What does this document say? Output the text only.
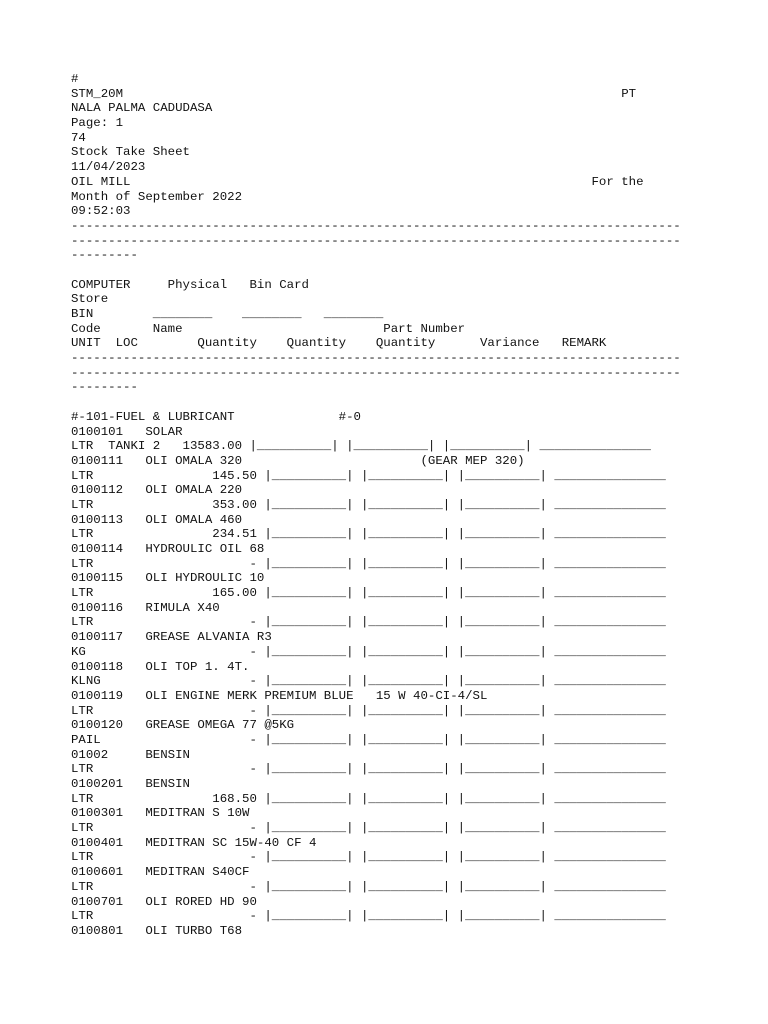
#
STM_20M                                                                   PT
NALA PALMA CADUDASA
Page: 1
74
Stock Take Sheet
11/04/2023
OIL MILL                                                              For the
Month of September 2022
09:52:03
----------------------------------------------------------------------------------
----------------------------------------------------------------------------------
---------
COMPUTER     Physical   Bin Card
Store
BIN        ________    ________   ________
Code       Name                           Part Number
UNIT  LOC        Quantity    Quantity    Quantity      Variance   REMARK
----------------------------------------------------------------------------------
----------------------------------------------------------------------------------
---------
#-101-FUEL & LUBRICANT              #-0
0100101   SOLAR
LTR  TANKI 2   13583.00 |__________| |__________| |__________| _______________
0100111   OLI OMALA 320                        (GEAR MEP 320)
LTR                145.50 |__________| |__________| |__________| _______________
0100112   OLI OMALA 220
LTR                353.00 |__________| |__________| |__________| _______________
0100113   OLI OMALA 460
LTR                234.51 |__________| |__________| |__________| _______________
0100114   HYDROULIC OIL 68
LTR                     - |__________| |__________| |__________| _______________
0100115   OLI HYDROULIC 10
LTR                165.00 |__________| |__________| |__________| _______________
0100116   RIMULA X40
LTR                     - |__________| |__________| |__________| _______________
0100117   GREASE ALVANIA R3
KG                      - |__________| |__________| |__________| _______________
0100118   OLI TOP 1. 4T.
KLNG                    - |__________| |__________| |__________| _______________
0100119   OLI ENGINE MERK PREMIUM BLUE   15 W 40-CI-4/SL
LTR                     - |__________| |__________| |__________| _______________
0100120   GREASE OMEGA 77 @5KG
PAIL                    - |__________| |__________| |__________| _______________
01002     BENSIN
LTR                     - |__________| |__________| |__________| _______________
0100201   BENSIN
LTR                168.50 |__________| |__________| |__________| _______________
0100301   MEDITRAN S 10W
LTR                     - |__________| |__________| |__________| _______________
0100401   MEDITRAN SC 15W-40 CF 4
LTR                     - |__________| |__________| |__________| _______________
0100601   MEDITRAN S40CF
LTR                     - |__________| |__________| |__________| _______________
0100701   OLI RORED HD 90
LTR                     - |__________| |__________| |__________| _______________
0100801   OLI TURBO T68
